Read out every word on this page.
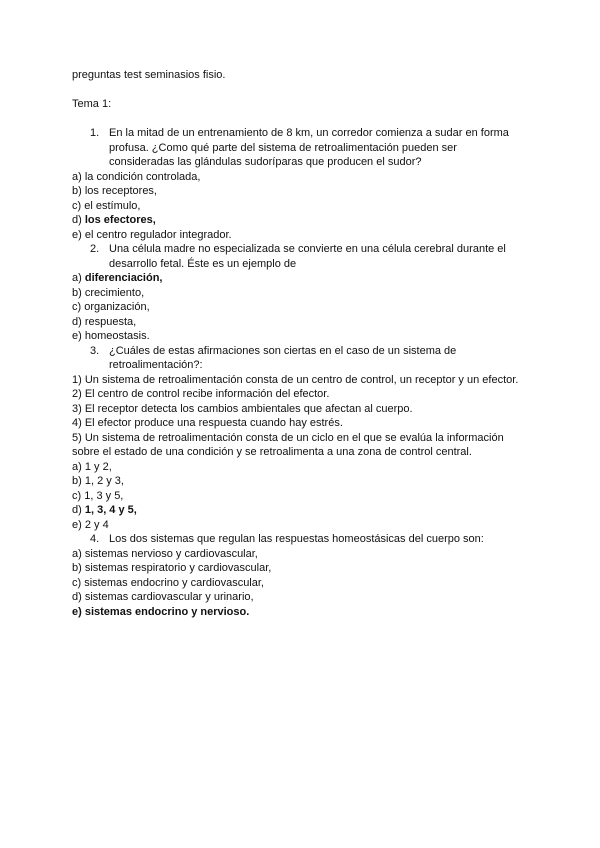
preguntas test seminasios fisio.
Tema 1:
1. En la mitad de un entrenamiento de 8 km, un corredor comienza a sudar en forma
profusa. ¿Como qué parte del sistema de retroalimentación pueden ser
consideradas las glándulas sudoríparas que producen el sudor?
a) la condición controlada,
b) los receptores,
c) el estímulo,
d) los efectores,
e) el centro regulador integrador.
2. Una célula madre no especializada se convierte en una célula cerebral durante el
desarrollo fetal. Éste es un ejemplo de
a) diferenciación,
b) crecimiento,
c) organización,
d) respuesta,
e) homeostasis.
3. ¿Cuáles de estas afirmaciones son ciertas en el caso de un sistema de
retroalimentación?:
1) Un sistema de retroalimentación consta de un centro de control, un receptor y un efector.
2) El centro de control recibe información del efector.
3) El receptor detecta los cambios ambientales que afectan al cuerpo.
4) El efector produce una respuesta cuando hay estrés.
5) Un sistema de retroalimentación consta de un ciclo en el que se evalúa la información
sobre el estado de una condición y se retroalimenta a una zona de control central.
a) 1 y 2,
b) 1, 2 y 3,
c) 1, 3 y 5,
d) 1, 3, 4 y 5,
e) 2 y 4
4. Los dos sistemas que regulan las respuestas homeostásicas del cuerpo son:
a) sistemas nervioso y cardiovascular,
b) sistemas respiratorio y cardiovascular,
c) sistemas endocrino y cardiovascular,
d) sistemas cardiovascular y urinario,
e) sistemas endocrino y nervioso.
